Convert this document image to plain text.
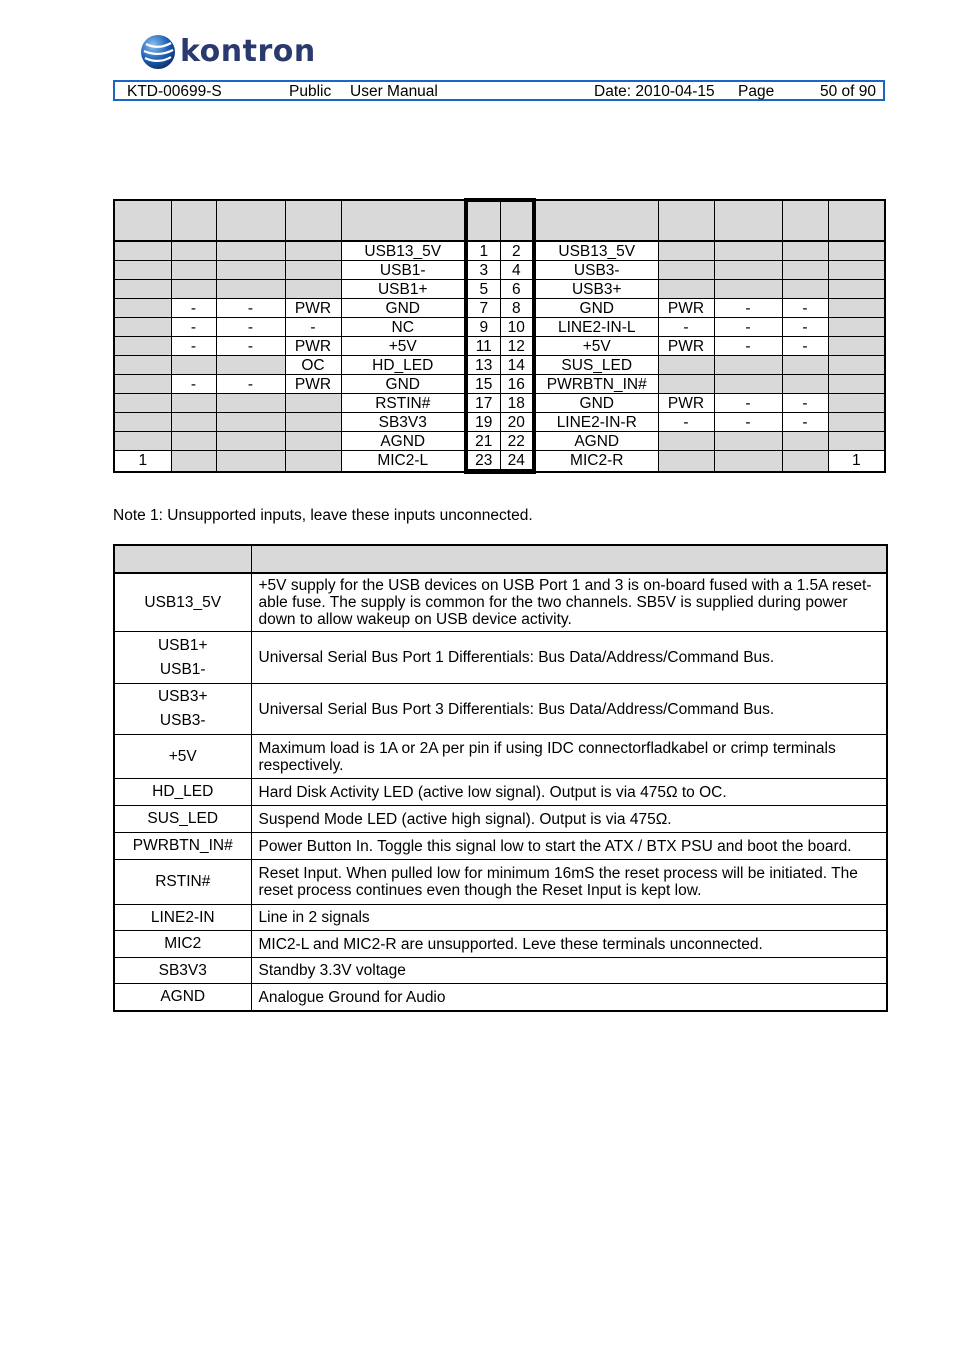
kontron
KTD-00699-S	Public User Manual	Date: 2010-04-15 Page	50 of 90

				USB13_5V	1	2	USB13_5V				
				USB1-	3	4	USB3-				
				USB1+	5	6	USB3+				
	-	-	PWR	GND	7	8	GND	PWR	-	-	
	-	-	-	NC	9	10	LINE2-IN-L	-	-	-	
	-	-	PWR	+5V	11	12	+5V	PWR	-	-	
			OC	HD_LED	13	14	SUS_LED				
	-	-	PWR	GND	15	16	PWRBTN_IN#				
				RSTIN#	17	18	GND	PWR	-	-	
				SB3V3	19	20	LINE2-IN-R	-	-	-	
				AGND	21	22	AGND				
1				MIC2-L	23	24	MIC2-R				1
Note 1: Unsupported inputs, leave these inputs unconnected.

USB13_5V	+5V supply for the USB devices on USB Port 1 and 3 is on-board fused with a 1.5A reset-able fuse. The supply is common for the two channels. SB5V is supplied during power down to allow wakeup on USB device activity.

USB1+
USB1-	Universal Serial Bus Port 1 Differentials: Bus Data/Address/Command Bus.

USB3+
USB3-	Universal Serial Bus Port 3 Differentials: Bus Data/Address/Command Bus.

+5V	Maximum load is 1A or 2A per pin if using IDC connectorfladkabel or crimp terminals respectively.

HD_LED	Hard Disk Activity LED (active low signal). Output is via 475Ω to OC.

SUS_LED	Suspend Mode LED (active high signal). Output is via 475Ω.

PWRBTN_IN#	Power Button In. Toggle this signal low to start the ATX / BTX PSU and boot the board.

RSTIN#	Reset Input. When pulled low for minimum 16mS the reset process will be initiated. The reset process continues even though the Reset Input is kept low.

LINE2-IN	Line in 2 signals

MIC2	MIC2-L and MIC2-R are unsupported. Leve these terminals unconnected.

SB3V3	Standby 3.3V voltage

AGND	Analogue Ground for Audio
